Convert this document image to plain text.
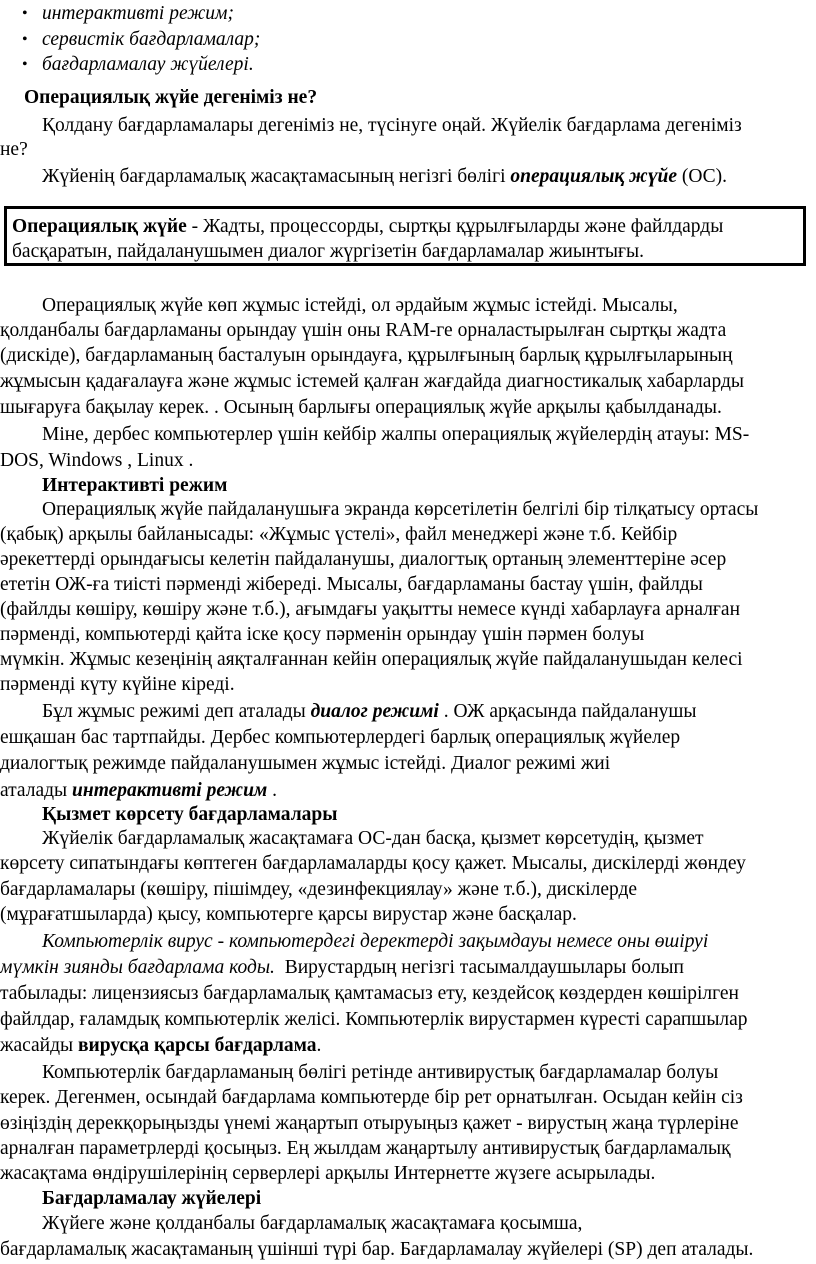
• интерактивті режим;
• сервистік бағдарламалар;
• бағдарламалау жүйелері.
Операциялық жүйе дегеніміз не?
Қолдану бағдарламалары дегеніміз не, түсінуге оңай. Жүйелік бағдарлама дегеніміз
не?
Жүйенің бағдарламалық жасақтамасының негізгі бөлігі операциялық жүйе (ОС).
Операциялық жүйе - Жадты, процессорды, сыртқы құрылғыларды және файлдарды
басқаратын, пайдаланушымен диалог жүргізетін бағдарламалар жиынтығы.
Операциялық жүйе көп жұмыс істейді, ол әрдайым жұмыс істейді. Мысалы,
қолданбалы бағдарламаны орындау үшін оны RAM-ге орналастырылған сыртқы жадта
(дискіде), бағдарламаның басталуын орындауға, құрылғының барлық құрылғыларының
жұмысын қадағалауға және жұмыс істемей қалған жағдайда диагностикалық хабарларды
шығаруға бақылау керек. . Осының барлығы операциялық жүйе арқылы қабылданады.
Міне, дербес компьютерлер үшін кейбір жалпы операциялық жүйелердің атауы: MS-
DOS, Windows , Linux .
Интерактивті режим
Операциялық жүйе пайдаланушыға экранда көрсетілетін белгілі бір тілқатысу ортасы
(қабық) арқылы байланысады: «Жұмыс үстелі», файл менеджері және т.б. Кейбір
әрекеттерді орындағысы келетін пайдаланушы, диалогтық ортаның элементтеріне әсер
ететін ОЖ-ға тиісті пәрменді жібереді. Мысалы, бағдарламаны бастау үшін, файлды
(файлды көшіру, көшіру және т.б.), ағымдағы уақытты немесе күнді хабарлауға арналған
пәрменді, компьютерді қайта іске қосу пәрменін орындау үшін пәрмен болуы
мүмкін. Жұмыс кезеңінің аяқталғаннан кейін операциялық жүйе пайдаланушыдан келесі
пәрменді күту күйіне кіреді.
Бұл жұмыс режимі деп аталады диалог режимі . ОЖ арқасында пайдаланушы
ешқашан бас тартпайды. Дербес компьютерлердегі барлық операциялық жүйелер
диалогтық режимде пайдаланушымен жұмыс істейді. Диалог режимі жиі
аталады интерактивті режим .
Қызмет көрсету бағдарламалары
Жүйелік бағдарламалық жасақтамаға ОС-дан басқа, қызмет көрсетудің, қызмет
көрсету сипатындағы көптеген бағдарламаларды қосу қажет. Мысалы, дискілерді жөндеу
бағдарламалары (көшіру, пішімдеу, «дезинфекциялау» және т.б.), дискілерде
(мұрағатшыларда) қысу, компьютерге қарсы вирустар және басқалар.
Компьютерлік вирус - компьютердегі деректерді зақымдауы немесе оны өшіруі
мүмкін зиянды бағдарлама коды.  Вирустардың негізгі тасымалдаушылары болып
табылады: лицензиясыз бағдарламалық қамтамасыз ету, кездейсоқ көздерден көшірілген
файлдар, ғаламдық компьютерлік желісі. Компьютерлік вирустармен күресті сарапшылар
жасайды вирусқа қарсы бағдарлама.
Компьютерлік бағдарламаның бөлігі ретінде антивирустық бағдарламалар болуы
керек. Дегенмен, осындай бағдарлама компьютерде бір рет орнатылған. Осыдан кейін сіз
өзіңіздің дерекқорыңызды үнемі жаңартып отыруыңыз қажет - вирустың жаңа түрлеріне
арналған параметрлерді қосыңыз. Ең жылдам жаңартылу антивирустық бағдарламалық
жасақтама өндірушілерінің серверлері арқылы Интернетте жүзеге асырылады.
Бағдарламалау жүйелері
Жүйеге және қолданбалы бағдарламалық жасақтамаға қосымша,
бағдарламалық жасақтаманың үшінші түрі бар. Бағдарламалау жүйелері (SP) деп аталады.
